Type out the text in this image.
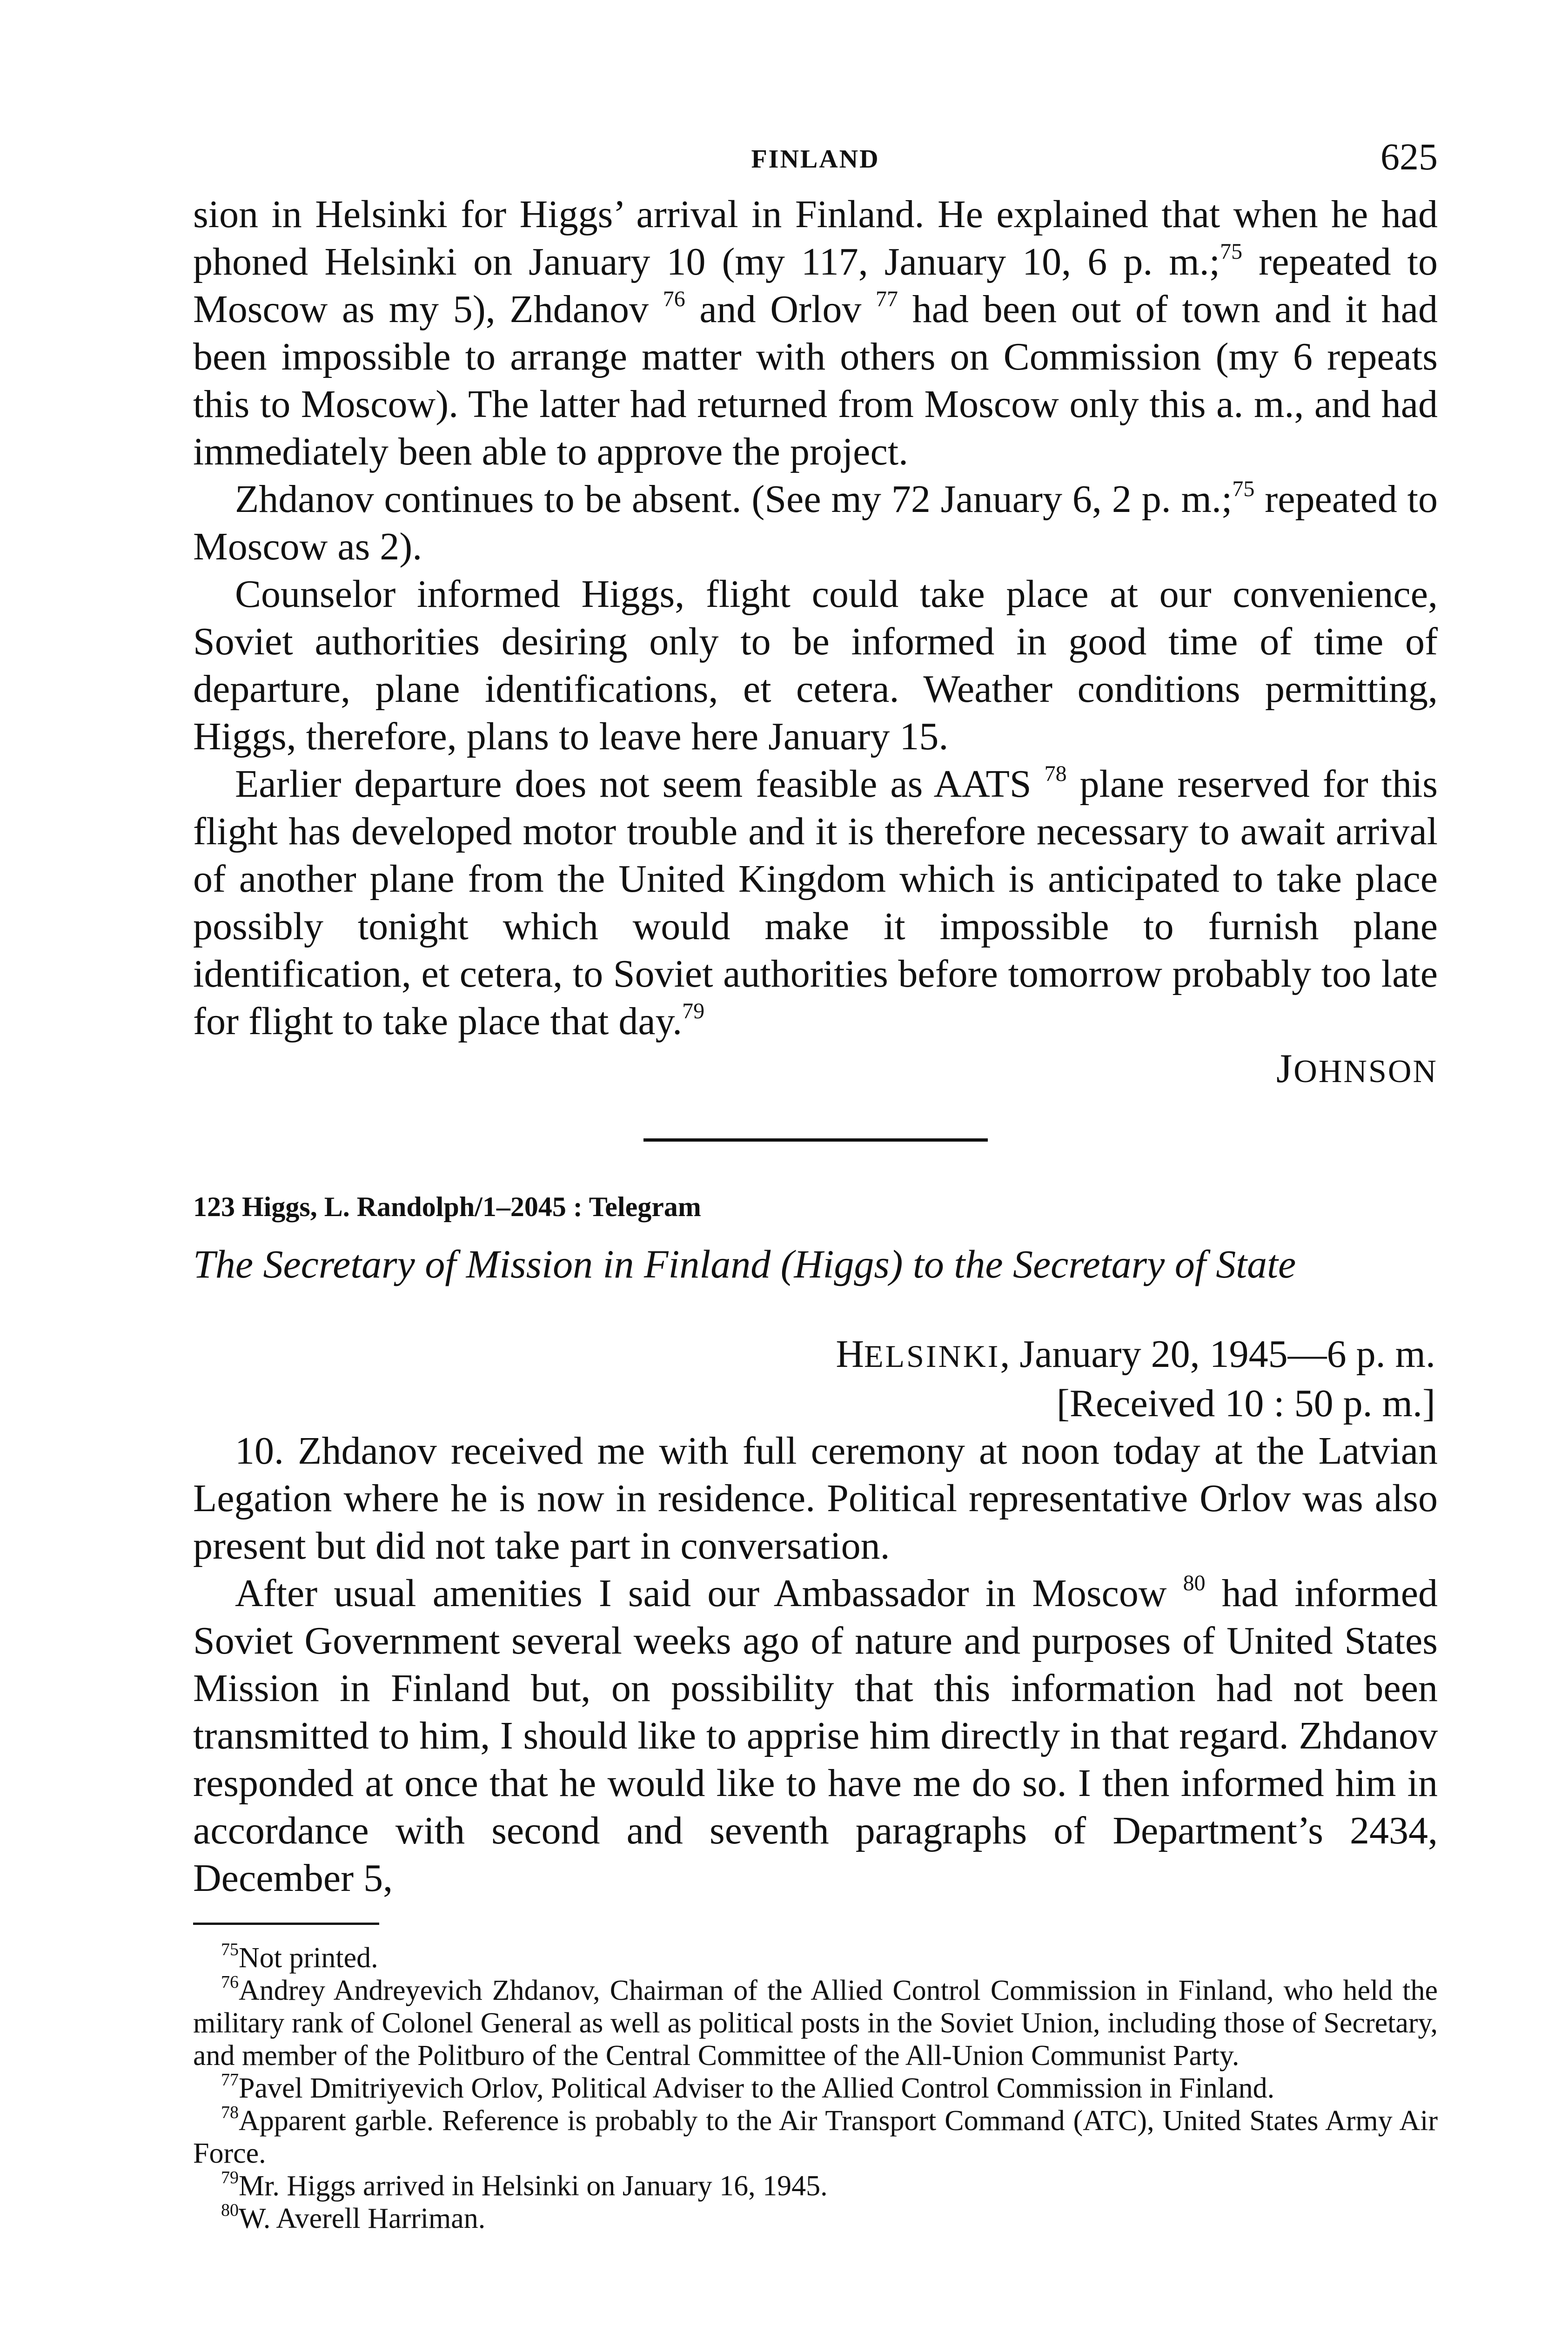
FINLAND	625

sion in Helsinki for Higgs’ arrival in Finland. He explained that when he had phoned Helsinki on January 10 (my 117, January 10, 6 p. m.;$^{75}$ repeated to Moscow as my 5), Zhdanov $^{76}$ and Orlov $^{77}$ had been out of town and it had been impossible to arrange matter with others on Commission (my 6 repeats this to Moscow). The latter had returned from Moscow only this a. m., and had immediately been able to approve the project.

Zhdanov continues to be absent. (See my 72 January 6, 2 p. m.;$^{75}$ repeated to Moscow as 2).

Counselor informed Higgs, flight could take place at our convenience, Soviet authorities desiring only to be informed in good time of time of departure, plane identifications, et cetera. Weather conditions permitting, Higgs, therefore, plans to leave here January 15.

Earlier departure does not seem feasible as AATS $^{78}$ plane reserved for this flight has developed motor trouble and it is therefore necessary to await arrival of another plane from the United Kingdom which is anticipated to take place possibly tonight which would make it impossible to furnish plane identification, et cetera, to Soviet authorities before tomorrow probably too late for flight to take place that day.$^{79}$

JOHNSON
123 Higgs, L. Randolph/1–2045 : Telegram
The Secretary of Mission in Finland (Higgs) to the Secretary of State
HELSINKI, January 20, 1945—6 p. m.
[Received 10 : 50 p. m.]

10. Zhdanov received me with full ceremony at noon today at the Latvian Legation where he is now in residence. Political representative Orlov was also present but did not take part in conversation.

After usual amenities I said our Ambassador in Moscow $^{80}$ had informed Soviet Government several weeks ago of nature and purposes of United States Mission in Finland but, on possibility that this information had not been transmitted to him, I should like to apprise him directly in that regard. Zhdanov responded at once that he would like to have me do so. I then informed him in accordance with second and seventh paragraphs of Department’s 2434, December 5,

$^{75}$Not printed.

$^{76}$Andrey Andreyevich Zhdanov, Chairman of the Allied Control Commission in Finland, who held the military rank of Colonel General as well as political posts in the Soviet Union, including those of Secretary, and member of the Politburo of the Central Committee of the All-Union Communist Party.

$^{77}$Pavel Dmitriyevich Orlov, Political Adviser to the Allied Control Commission in Finland.

$^{78}$Apparent garble. Reference is probably to the Air Transport Command (ATC), United States Army Air Force.

$^{79}$Mr. Higgs arrived in Helsinki on January 16, 1945.

$^{80}$W. Averell Harriman.
